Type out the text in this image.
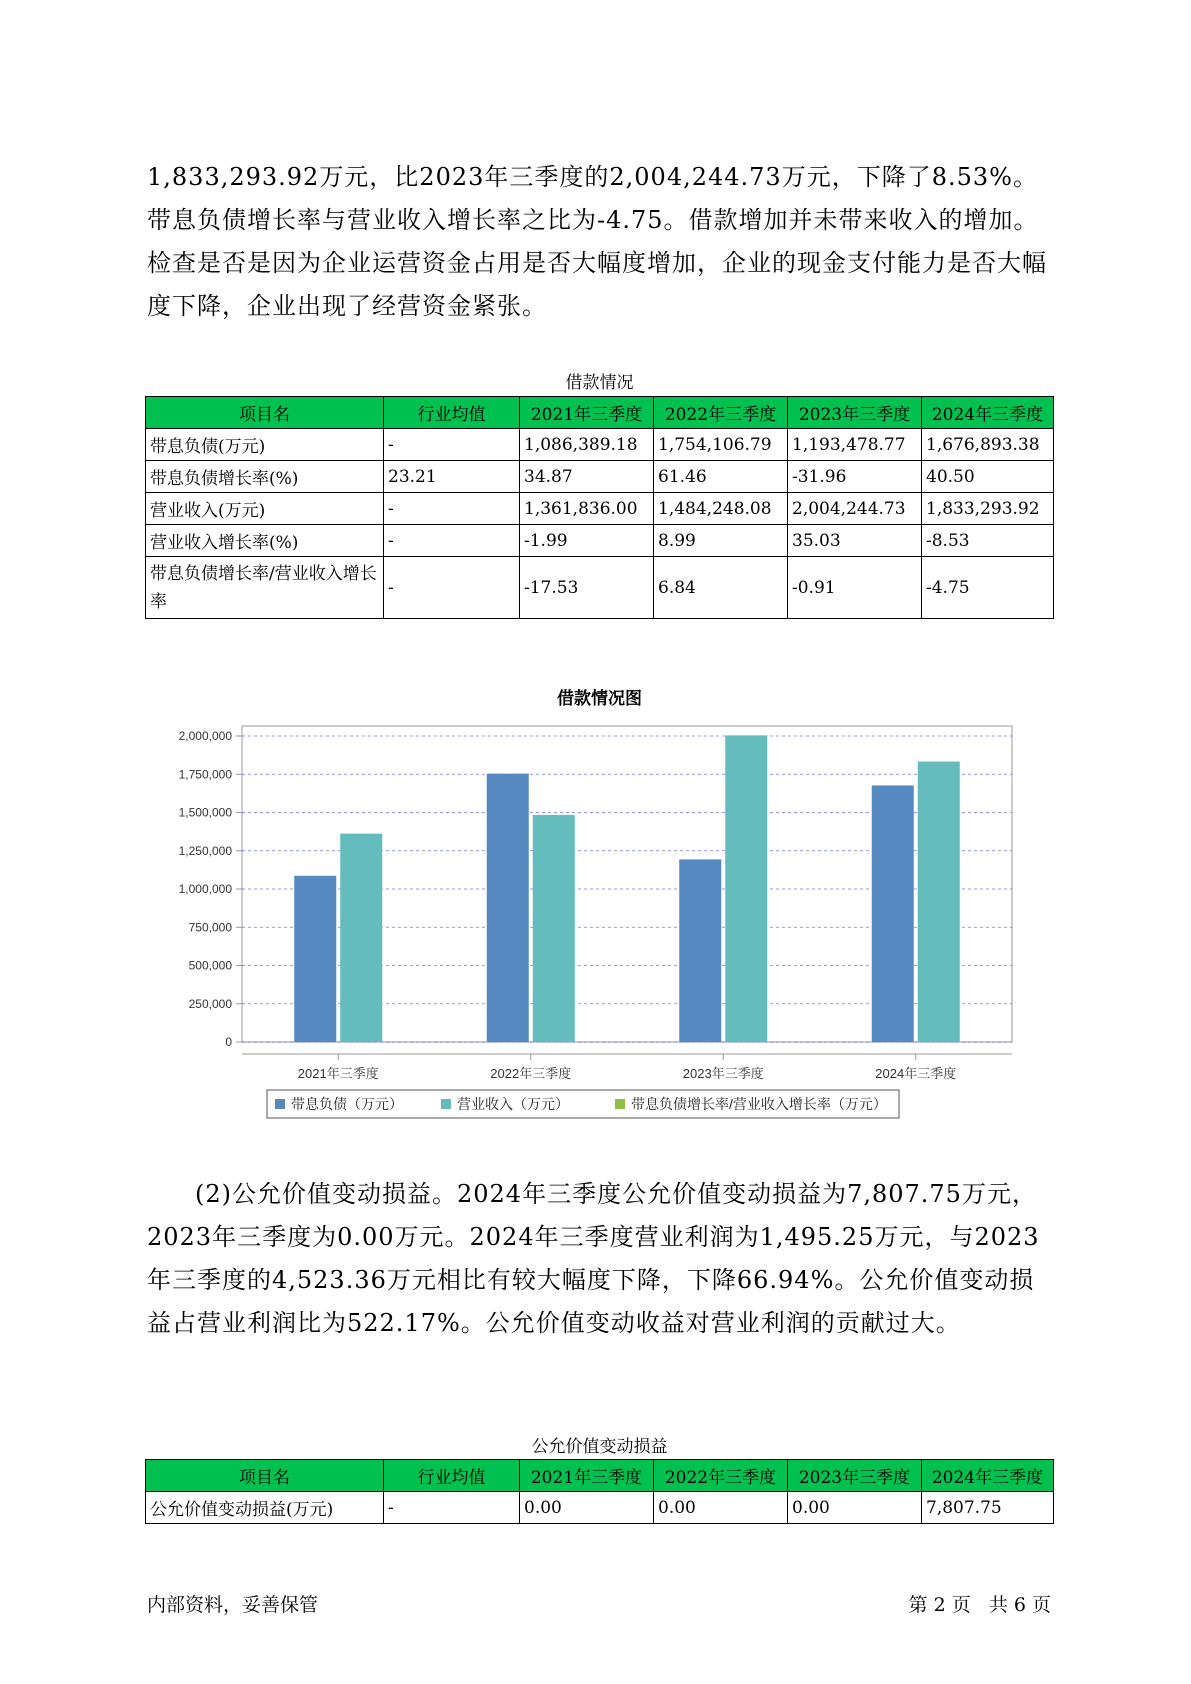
1,833,293.92万元，比2023年三季度的2,004,244.73万元，下降了8.53%。带息负债增长率与营业收入增长率之比为-4.75。借款增加并未带来收入的增加。检查是否是因为企业运营资金占用是否大幅度增加，企业的现金支付能力是否大幅度下降，企业出现了经营资金紧张。

借款情况
项目名	行业均值	2021年三季度	2022年三季度	2023年三季度	2024年三季度
带息负债(万元)	-	1,086,389.18	1,754,106.79	1,193,478.77	1,676,893.38
带息负债增长率(%)	23.21	34.87	61.46	-31.96	40.50
营业收入(万元)	-	1,361,836.00	1,484,248.08	2,004,244.73	1,833,293.92
营业收入增长率(%)	-	-1.99	8.99	35.03	-8.53
带息负债增长率/营业收入增长率	-	-17.53	6.84	-0.91	-4.75
借款情况图
0
250,000
500,000
750,000
1,000,000
1,250,000
1,500,000
1,750,000
2,000,000
2021年三季度	2022年三季度	2023年三季度	2024年三季度
带息负债（万元）	营业收入（万元）	带息负债增长率/营业收入增长率（万元）

(2)公允价值变动损益。2024年三季度公允价值变动损益为7,807.75万元，2023年三季度为0.00万元。2024年三季度营业利润为1,495.25万元，与2023年三季度的4,523.36万元相比有较大幅度下降，下降66.94%。公允价值变动损益占营业利润比为522.17%。公允价值变动收益对营业利润的贡献过大。

公允价值变动损益
项目名	行业均值	2021年三季度	2022年三季度	2023年三季度	2024年三季度
公允价值变动损益(万元)	-	0.00	0.00	0.00	7,807.75
内部资料，妥善保管	第 2 页   共 6 页
